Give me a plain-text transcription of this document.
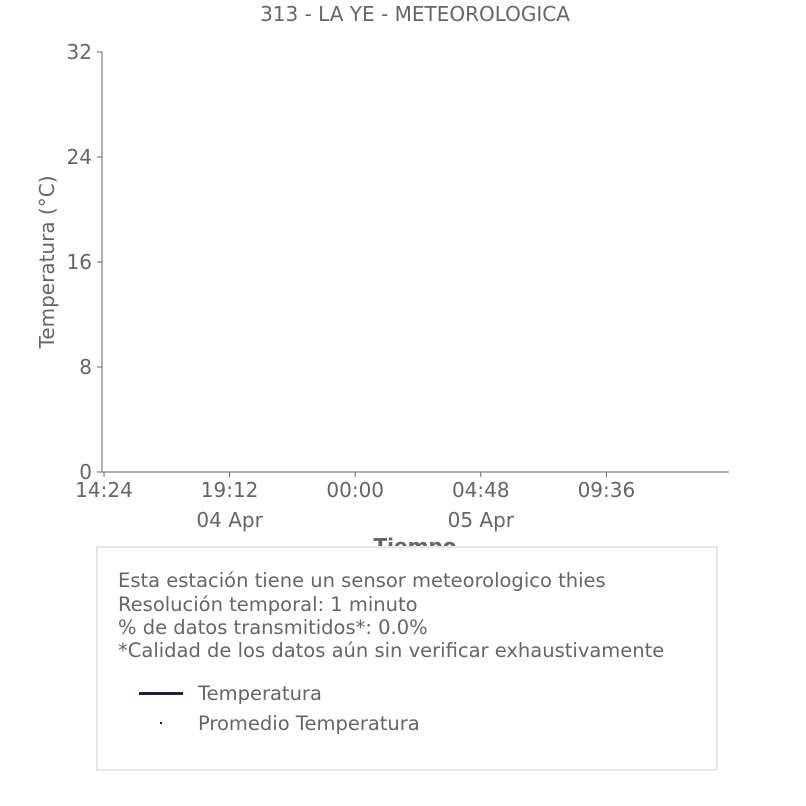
313 - LA YE - METEOROLOGICA
Temperatura (°C)
0
8
16
24
32
14:24	19:12
04 Apr
00:00	04:48
05 Apr
09:36
Esta estación tiene un sensor meteorologico thies
Resolución temporal: 1 minuto
% de datos transmitidos*: 0.0%
*Calidad de los datos aún sin verificar exhaustivamente
Temperatura
Promedio Temperatura
